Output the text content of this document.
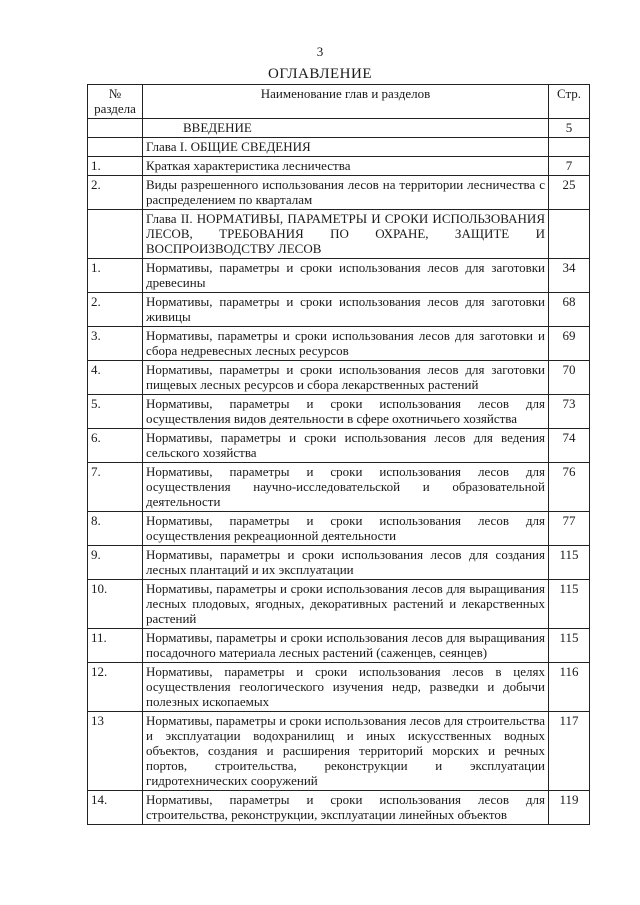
3
ОГЛАВЛЕНИЕ
№ раздела	Наименование глав и разделов	Стр.
	ВВЕДЕНИЕ	5
	Глава I. ОБЩИЕ СВЕДЕНИЯ	
1.	Краткая характеристика лесничества	7
2.	Виды разрешенного использования лесов на территории лесничества с распределением по кварталам	25
	Глава II. НОРМАТИВЫ, ПАРАМЕТРЫ И СРОКИ ИСПОЛЬЗОВАНИЯ ЛЕСОВ, ТРЕБОВАНИЯ ПО ОХРАНЕ, ЗАЩИТЕ И ВОСПРОИЗВОДСТВУ ЛЕСОВ	
1.	Нормативы, параметры и сроки использования лесов для заготовки древесины	34
2.	Нормативы, параметры и сроки использования лесов для заготовки живицы	68
3.	Нормативы, параметры и сроки использования лесов для заготовки и сбора недревесных лесных ресурсов	69
4.	Нормативы, параметры и сроки использования лесов для заготовки пищевых лесных ресурсов и сбора лекарственных растений	70
5.	Нормативы, параметры и сроки использования лесов для осуществления видов деятельности в сфере охотничьего хозяйства	73
6.	Нормативы, параметры и сроки использования лесов для ведения сельского хозяйства	74
7.	Нормативы, параметры и сроки использования лесов для осуществления научно-исследовательской и образовательной деятельности	76
8.	Нормативы, параметры и сроки использования лесов для осуществления рекреационной деятельности	77
9.	Нормативы, параметры и сроки использования лесов для создания лесных плантаций и их эксплуатации	115
10.	Нормативы, параметры и сроки использования лесов для выращивания лесных плодовых, ягодных, декоративных растений и лекарственных растений	115
11.	Нормативы, параметры и сроки использования лесов для выращивания посадочного материала лесных растений (саженцев, сеянцев)	115
12.	Нормативы, параметры и сроки использования лесов в целях осуществления геологического изучения недр, разведки и добычи полезных ископаемых	116
13	Нормативы, параметры и сроки использования лесов для строительства и эксплуатации водохранилищ и иных искусственных водных объектов, создания и расширения территорий морских и речных портов, строительства, реконструкции и эксплуатации гидротехнических сооружений	117
14.	Нормативы, параметры и сроки использования лесов для строительства, реконструкции, эксплуатации линейных объектов	119
